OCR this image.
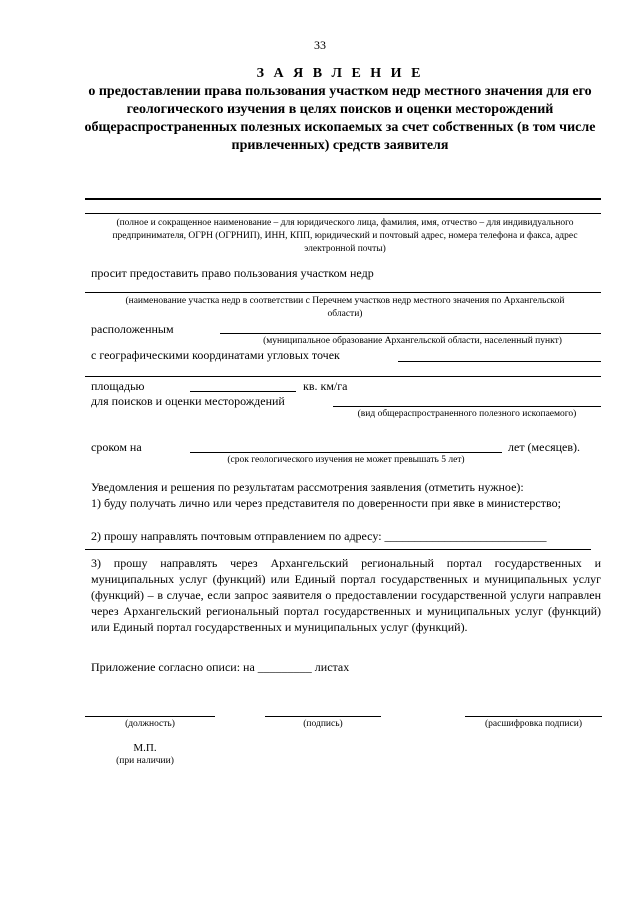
33
З А Я В Л Е Н И Е
о предоставлении права пользования участком недр местного значения для его геологического изучения в целях поисков и оценки месторождений общераспространенных полезных ископаемых за счет собственных (в том числе привлеченных) средств заявителя
(полное и сокращенное наименование – для юридического лица, фамилия, имя, отчество – для индивидуального предпринимателя, ОГРН (ОГРНИП), ИНН, КПП, юридический и почтовый адрес, номера телефона и факса, адрес электронной почты)
просит предоставить право пользования участком недр
(наименование участка недр в соответствии с Перечнем участков недр местного значения по Архангельской области)
расположенным
(муниципальное образование Архангельской области, населенный пункт)
с географическими координатами угловых точек
площадью	кв. км/га
для поисков и оценки месторождений
(вид общераспространенного полезного ископаемого)
сроком на	лет (месяцев).
(срок геологического изучения не может превышать 5 лет)
Уведомления и решения по результатам рассмотрения заявления (отметить нужное):
1) буду получать лично или через представителя по доверенности при явке в министерство;
2) прошу направлять почтовым отправлением по адресу: ___________________________
3) прошу направлять через Архангельский региональный портал государственных и муниципальных услуг (функций) или Единый портал государственных и муниципальных услуг (функций) – в случае, если запрос заявителя о предоставлении государственной услуги направлен через Архангельский региональный портал государственных и муниципальных услуг (функций) или Единый портал государственных и муниципальных услуг (функций).
Приложение согласно описи: на _________ листах
(должность)	(подпись)	(расшифровка подписи)
М.П.
(при наличии)
